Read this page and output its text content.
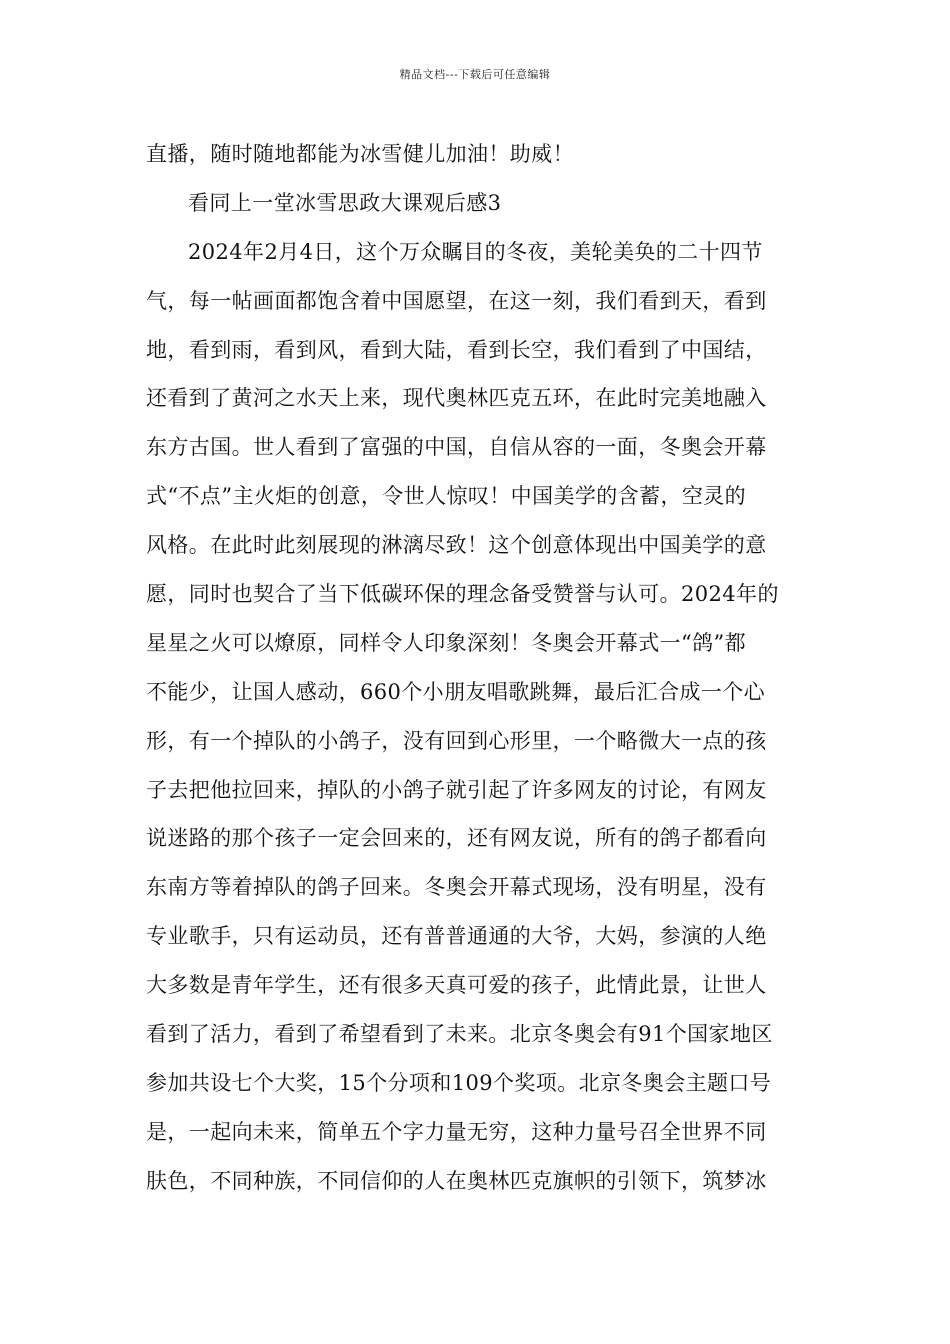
精品文档---下载后可任意编辑
直播，随时随地都能为冰雪健儿加油！助威！
看同上一堂冰雪思政大课观后感3
2024年2月4日，这个万众瞩目的冬夜，美轮美奂的二十四节
气，每一帖画面都饱含着中国愿望，在这一刻，我们看到天，看到
地，看到雨，看到风，看到大陆，看到长空，我们看到了中国结，
还看到了黄河之水天上来，现代奥林匹克五环，在此时完美地融入
东方古国。世人看到了富强的中国，自信从容的一面，冬奥会开幕
式“不点”主火炬的创意，令世人惊叹！中国美学的含蓄，空灵的
风格。在此时此刻展现的淋漓尽致！这个创意体现出中国美学的意
愿，同时也契合了当下低碳环保的理念备受赞誉与认可。2024年的
星星之火可以燎原，同样令人印象深刻！冬奥会开幕式一“鸽”都
不能少，让国人感动，660个小朋友唱歌跳舞，最后汇合成一个心
形，有一个掉队的小鸽子，没有回到心形里，一个略微大一点的孩
子去把他拉回来，掉队的小鸽子就引起了许多网友的讨论，有网友
说迷路的那个孩子一定会回来的，还有网友说，所有的鸽子都看向
东南方等着掉队的鸽子回来。冬奥会开幕式现场，没有明星，没有
专业歌手，只有运动员，还有普普通通的大爷，大妈，参演的人绝
大多数是青年学生，还有很多天真可爱的孩子，此情此景，让世人
看到了活力，看到了希望看到了未来。北京冬奥会有91个国家地区
参加共设七个大奖，15个分项和109个奖项。北京冬奥会主题口号
是，一起向未来，简单五个字力量无穷，这种力量号召全世界不同
肤色，不同种族，不同信仰的人在奥林匹克旗帜的引领下，筑梦冰
